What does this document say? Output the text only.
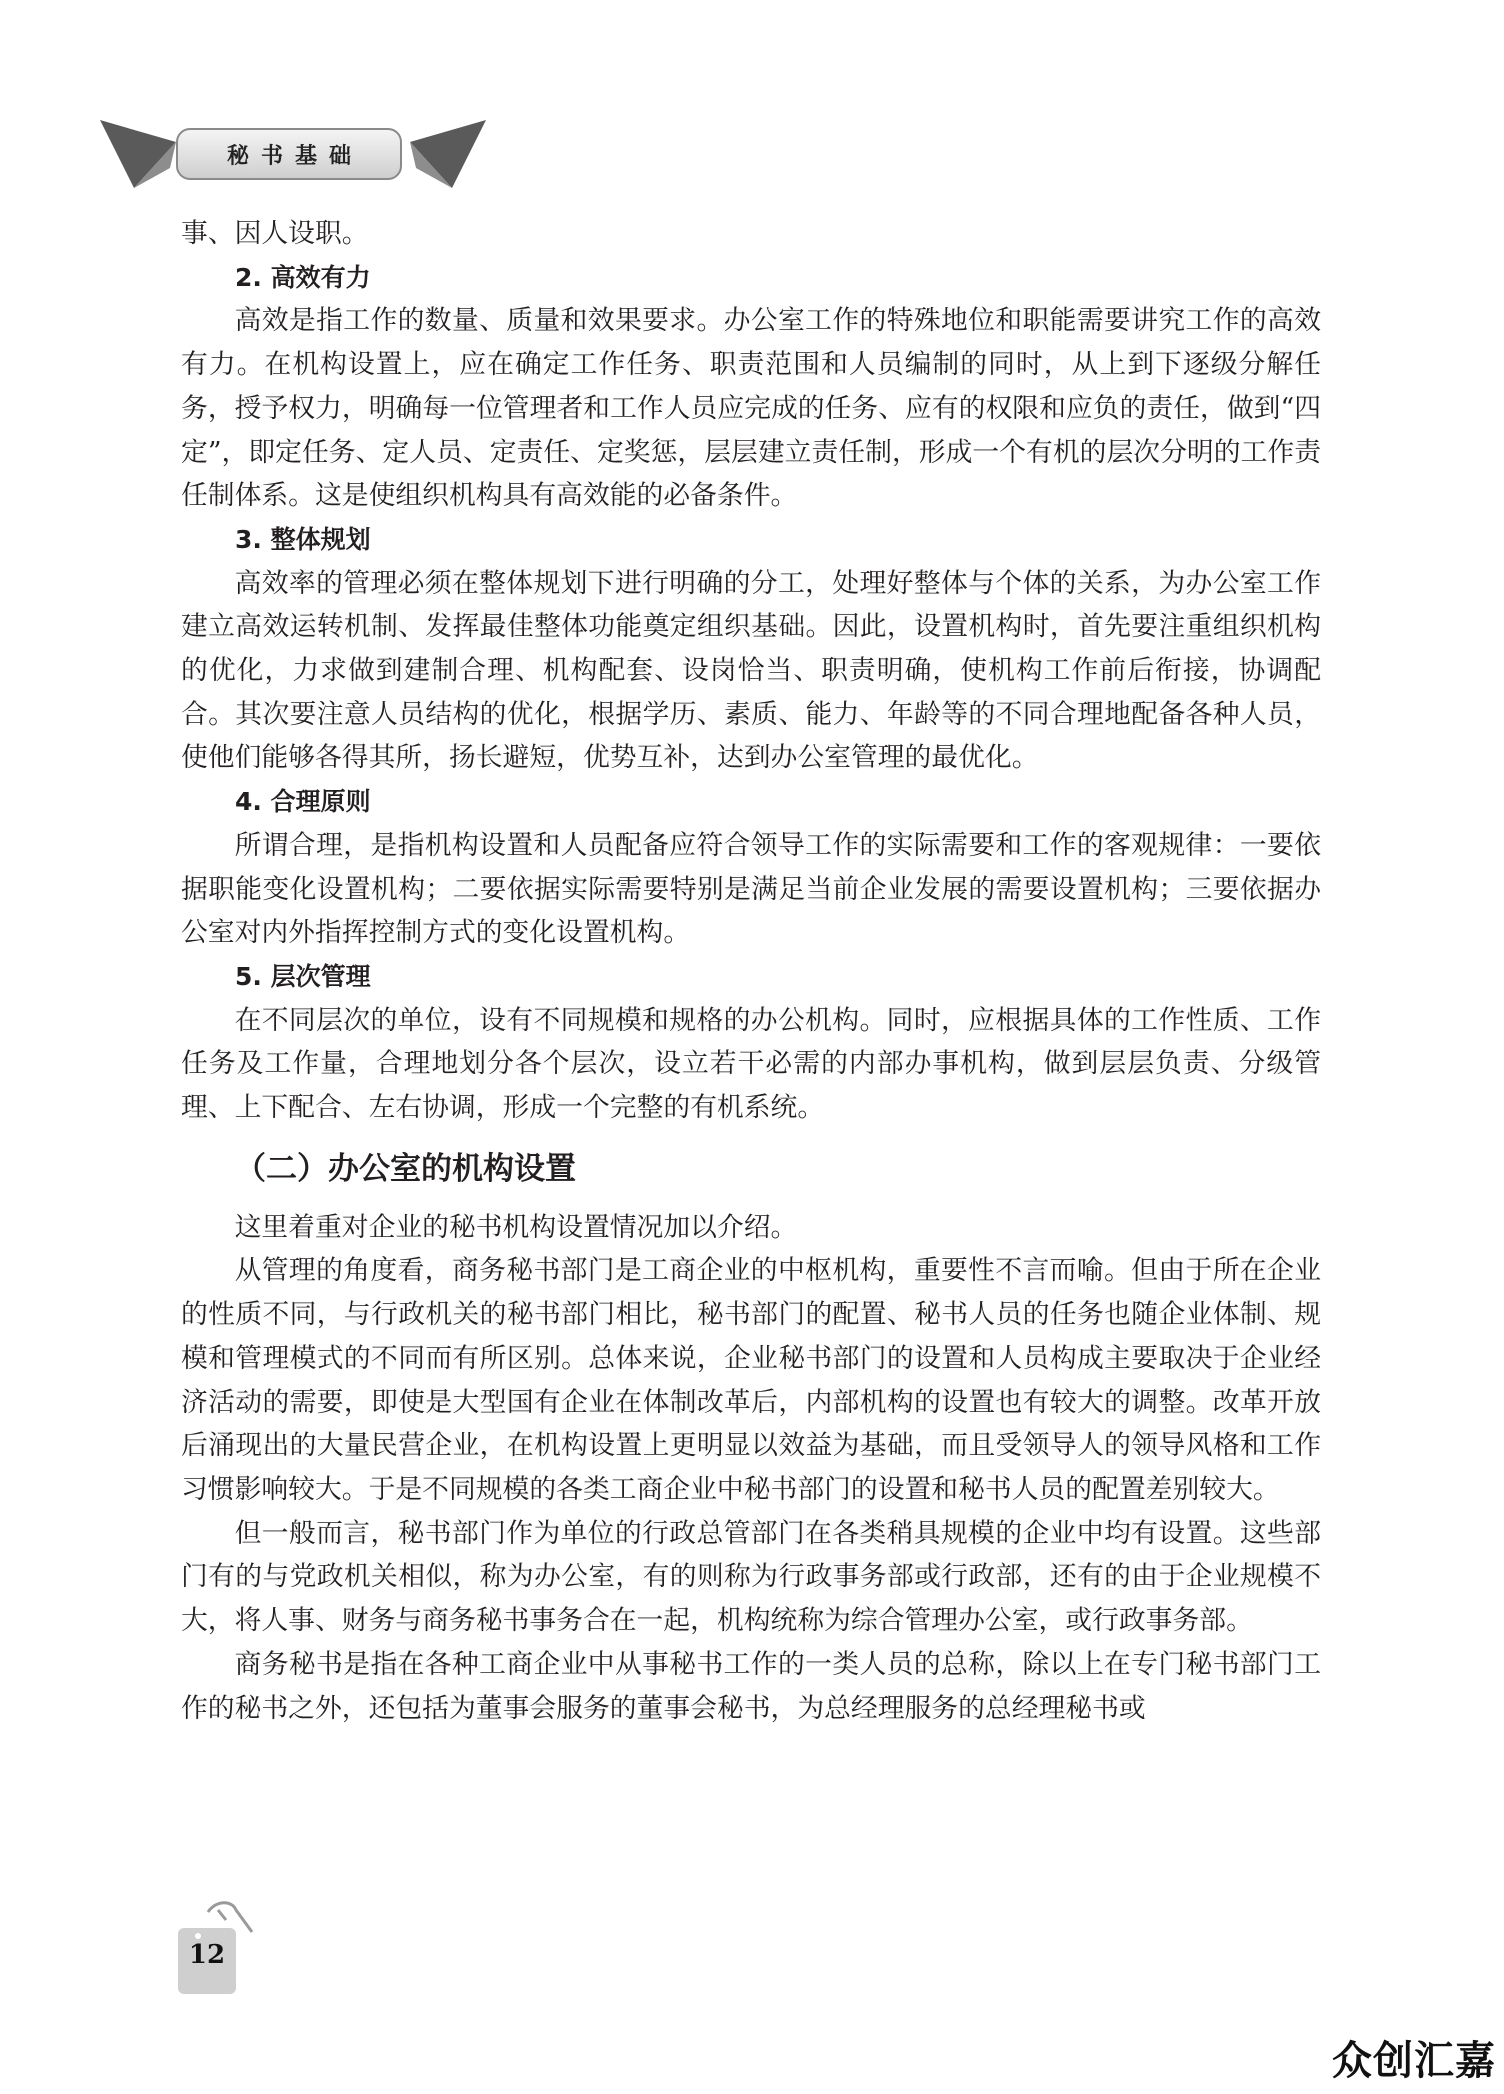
秘书基础

事、因人设职。

2. 高效有力

高效是指工作的数量、质量和效果要求。办公室工作的特殊地位和职能需要讲究工作的高效有力。在机构设置上，应在确定工作任务、职责范围和人员编制的同时，从上到下逐级分解任务，授予权力，明确每一位管理者和工作人员应完成的任务、应有的权限和应负的责任，做到“四定”，即定任务、定人员、定责任、定奖惩，层层建立责任制，形成一个有机的层次分明的工作责任制体系。这是使组织机构具有高效能的必备条件。

3. 整体规划

高效率的管理必须在整体规划下进行明确的分工，处理好整体与个体的关系，为办公室工作建立高效运转机制、发挥最佳整体功能奠定组织基础。因此，设置机构时，首先要注重组织机构的优化，力求做到建制合理、机构配套、设岗恰当、职责明确，使机构工作前后衔接，协调配合。其次要注意人员结构的优化，根据学历、素质、能力、年龄等的不同合理地配备各种人员，使他们能够各得其所，扬长避短，优势互补，达到办公室管理的最优化。

4. 合理原则

所谓合理，是指机构设置和人员配备应符合领导工作的实际需要和工作的客观规律：一要依据职能变化设置机构；二要依据实际需要特别是满足当前企业发展的需要设置机构；三要依据办公室对内外指挥控制方式的变化设置机构。

5. 层次管理

在不同层次的单位，设有不同规模和规格的办公机构。同时，应根据具体的工作性质、工作任务及工作量，合理地划分各个层次，设立若干必需的内部办事机构，做到层层负责、分级管理、上下配合、左右协调，形成一个完整的有机系统。

（二）办公室的机构设置

这里着重对企业的秘书机构设置情况加以介绍。

从管理的角度看，商务秘书部门是工商企业的中枢机构，重要性不言而喻。但由于所在企业的性质不同，与行政机关的秘书部门相比，秘书部门的配置、秘书人员的任务也随企业体制、规模和管理模式的不同而有所区别。总体来说，企业秘书部门的设置和人员构成主要取决于企业经济活动的需要，即使是大型国有企业在体制改革后，内部机构的设置也有较大的调整。改革开放后涌现出的大量民营企业，在机构设置上更明显以效益为基础，而且受领导人的领导风格和工作习惯影响较大。于是不同规模的各类工商企业中秘书部门的设置和秘书人员的配置差别较大。

但一般而言，秘书部门作为单位的行政总管部门在各类稍具规模的企业中均有设置。这些部门有的与党政机关相似，称为办公室，有的则称为行政事务部或行政部，还有的由于企业规模不大，将人事、财务与商务秘书事务合在一起，机构统称为综合管理办公室，或行政事务部。

商务秘书是指在各种工商企业中从事秘书工作的一类人员的总称，除以上在专门秘书部门工作的秘书之外，还包括为董事会服务的董事会秘书，为总经理服务的总经理秘书或

12
众创汇嘉
